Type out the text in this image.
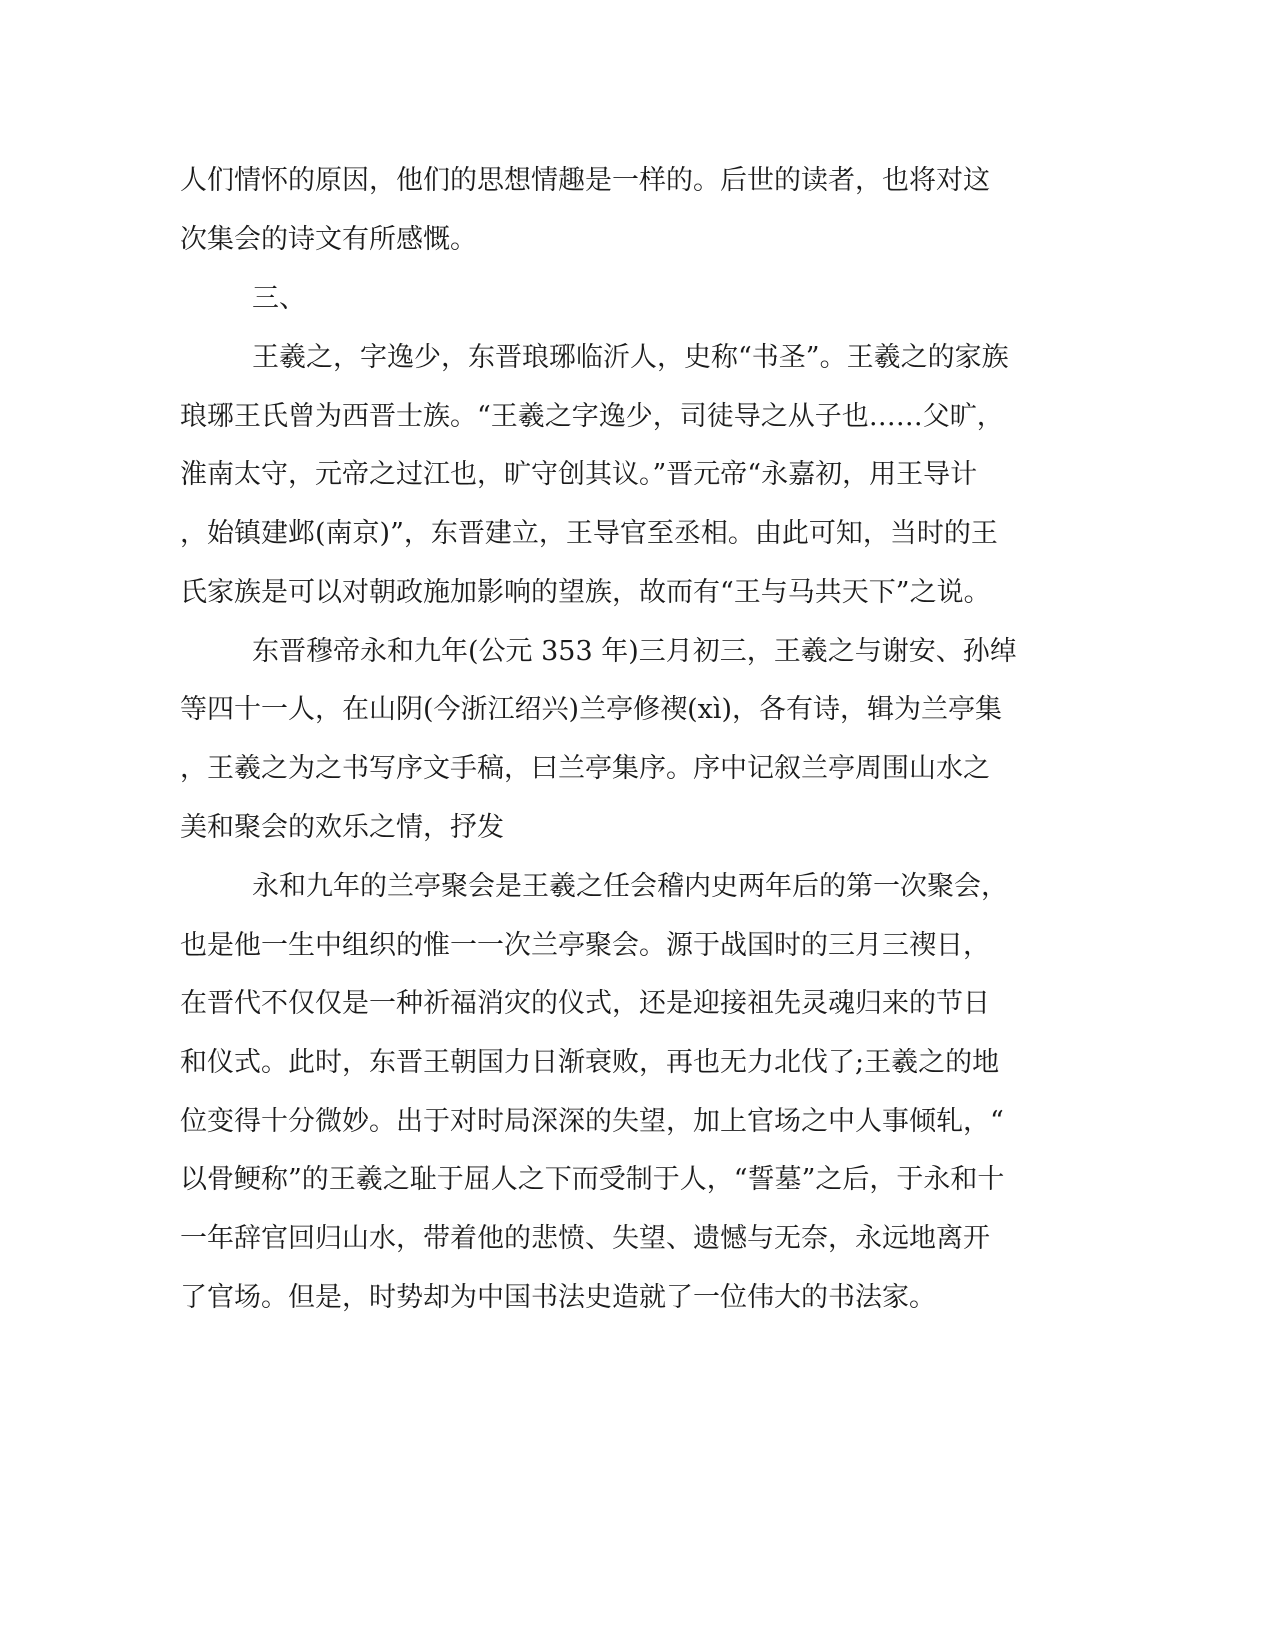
人们情怀的原因，他们的思想情趣是一样的。后世的读者，也将对这
次集会的诗文有所感慨。
三、
王羲之，字逸少，东晋琅琊临沂人，史称“书圣”。王羲之的家族
琅琊王氏曾为西晋士族。“王羲之字逸少，司徒导之从子也……父旷，
淮南太守，元帝之过江也，旷守创其议。”晋元帝“永嘉初，用王导计
，始镇建邺(南京)”，东晋建立，王导官至丞相。由此可知，当时的王
氏家族是可以对朝政施加影响的望族，故而有“王与马共天下”之说。
东晋穆帝永和九年(公元 353 年)三月初三，王羲之与谢安、孙绰
等四十一人，在山阴(今浙江绍兴)兰亭修禊(xì)，各有诗，辑为兰亭集
，王羲之为之书写序文手稿，曰兰亭集序。序中记叙兰亭周围山水之
美和聚会的欢乐之情，抒发
永和九年的兰亭聚会是王羲之任会稽内史两年后的第一次聚会，
也是他一生中组织的惟一一次兰亭聚会。源于战国时的三月三禊日，
在晋代不仅仅是一种祈福消灾的仪式，还是迎接祖先灵魂归来的节日
和仪式。此时，东晋王朝国力日渐衰败，再也无力北伐了;王羲之的地
位变得十分微妙。出于对时局深深的失望，加上官场之中人事倾轧，“
以骨鲠称”的王羲之耻于屈人之下而受制于人，“誓墓”之后，于永和十
一年辞官回归山水，带着他的悲愤、失望、遗憾与无奈，永远地离开
了官场。但是，时势却为中国书法史造就了一位伟大的书法家。
